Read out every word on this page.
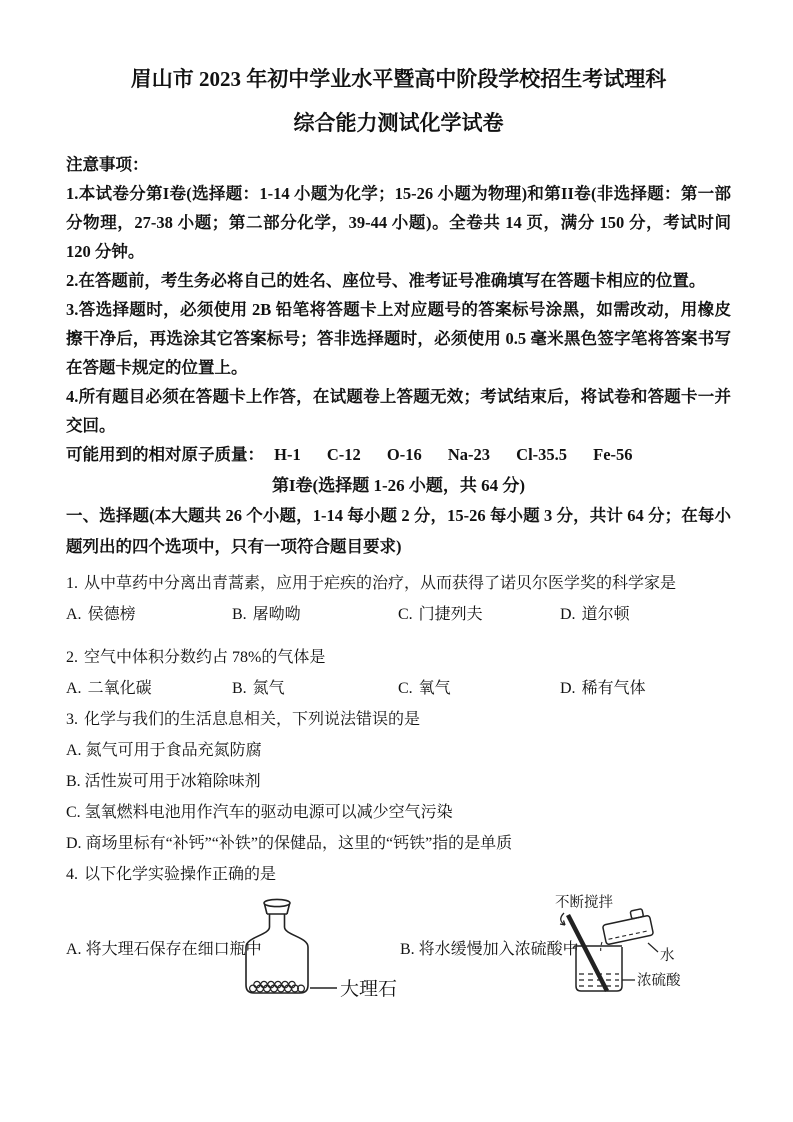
眉山市 2023 年初中学业水平暨高中阶段学校招生考试理科
综合能力测试化学试卷

注意事项：

1.本试卷分第I卷(选择题：1-14 小题为化学；15-26 小题为物理)和第II卷(非选择题：第一部分物理，27-38 小题；第二部分化学，39-44 小题)。全卷共 14 页，满分 150 分，考试时间 120 分钟。

2.在答题前，考生务必将自己的姓名、座位号、准考证号准确填写在答题卡相应的位置。

3.答选择题时，必须使用 2B 铅笔将答题卡上对应题号的答案标号涂黑，如需改动，用橡皮擦干净后，再选涂其它答案标号；答非选择题时，必须使用 0.5 毫米黑色签字笔将答案书写在答题卡规定的位置上。

4.所有题目必须在答题卡上作答，在试题卷上答题无效；考试结束后，将试卷和答题卡一并交回。

可能用到的相对原子质量： H-1 C-12 O-16 Na-23 Cl-35.5 Fe-56
第I卷(选择题 1-26 小题，共 64 分)
一、选择题(本大题共 26 个小题，1-14 每小题 2 分，15-26 每小题 3 分，共计 64 分；在每小题列出的四个选项中，只有一项符合题目要求)
1. 从中草药中分离出青蒿素，应用于疟疾的治疗，从而获得了诺贝尔医学奖的科学家是
A. 侯德榜	B. 屠呦呦	C. 门捷列夫	D. 道尔顿
2. 空气中体积分数约占 78%的气体是
A. 二氧化碳	B. 氮气	C. 氧气	D. 稀有气体
3. 化学与我们的生活息息相关，下列说法错误的是

A. 氮气可用于食品充氮防腐

B. 活性炭可用于冰箱除味剂

C. 氢氧燃料电池用作汽车的驱动电源可以减少空气污染

D. 商场里标有“补钙”“补铁”的保健品，这里的“钙铁”指的是单质

4. 以下化学实验操作正确的是
A. 将大理石保存在细口瓶中
大理石
B. 将水缓慢加入浓硫酸中
不断搅拌
浓硫酸
水
